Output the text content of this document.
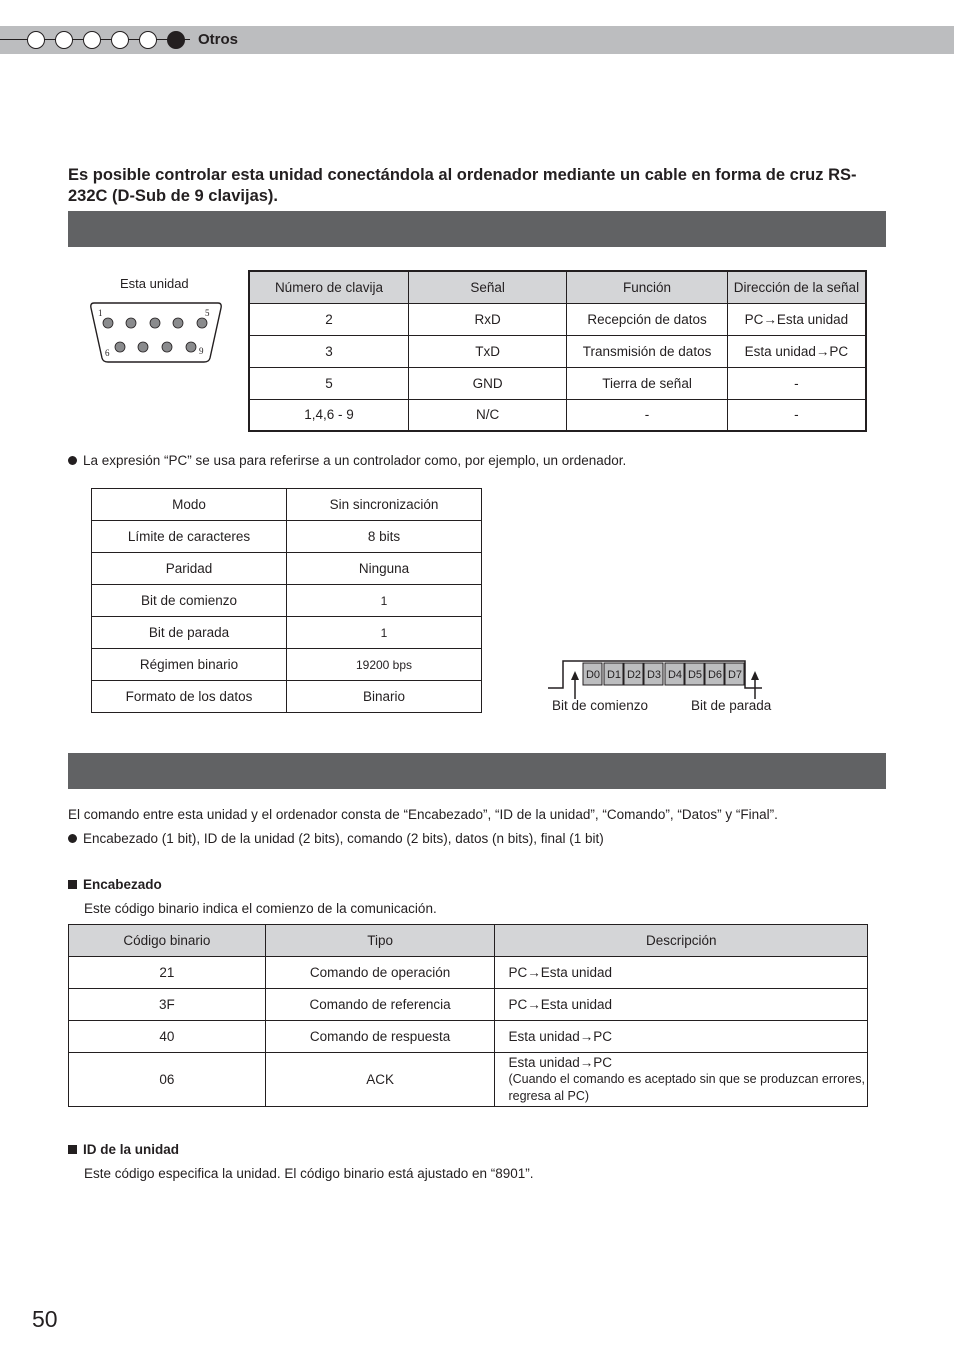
Otros
Es posible controlar esta unidad conectándola al ordenador mediante un cable en forma de cruz RS-232C (D-Sub de 9 clavijas).
Esta unidad
1	5
6	9
Número de clavija	Señal	Función	Dirección de la señal
2	RxD	Recepción de datos	PC→Esta unidad
3	TxD	Transmisión de datos	Esta unidad→PC
5	GND	Tierra de señal	-
1,4,6 - 9	N/C	-	-
La expresión “PC” se usa para referirse a un controlador como, por ejemplo, un ordenador.
Modo	Sin sincronización
Límite de caracteres	8 bits
Paridad	Ninguna
Bit de comienzo	1
Bit de parada	1
Régimen binario	19200 bps
Formato de los datos	Binario
D0 D1 D2 D3 D4 D5 D6 D7
Bit de comienzo	Bit de parada
El comando entre esta unidad y el ordenador consta de “Encabezado”, “ID de la unidad”, “Comando”, “Datos” y “Final”.
Encabezado (1 bit), ID de la unidad (2 bits), comando (2 bits), datos (n bits), final (1 bit)
Encabezado
Este código binario indica el comienzo de la comunicación.
Código binario	Tipo	Descripción
21	Comando de operación	PC→Esta unidad
3F	Comando de referencia	PC→Esta unidad
40	Comando de respuesta	Esta unidad→PC
06	ACK	Esta unidad→PC
(Cuando el comando es aceptado sin que se produzcan errores, regresa al PC)
ID de la unidad
Este código especifica la unidad. El código binario está ajustado en “8901”.
50
